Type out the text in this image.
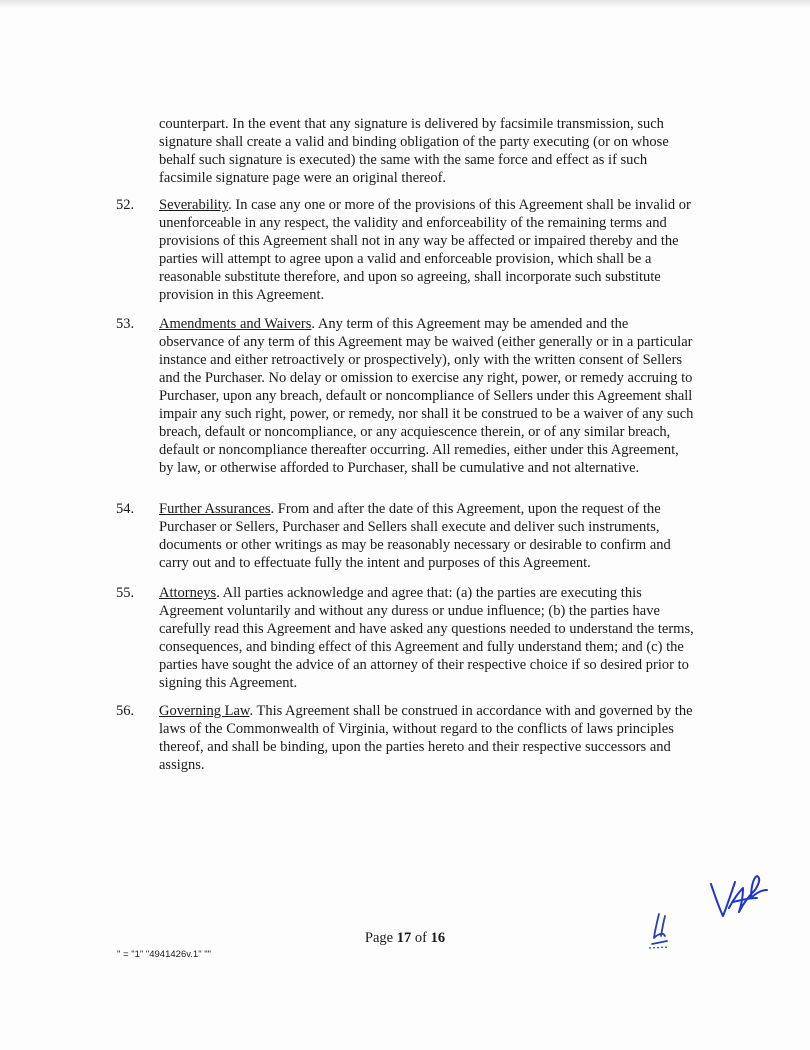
counterpart. In the event that any signature is delivered by facsimile transmission, such signature shall create a valid and binding obligation of the party executing (or on whose behalf such signature is executed) the same with the same force and effect as if such facsimile signature page were an original thereof.
52.	Severability. In case any one or more of the provisions of this Agreement shall be invalid or unenforceable in any respect, the validity and enforceability of the remaining terms and provisions of this Agreement shall not in any way be affected or impaired thereby and the parties will attempt to agree upon a valid and enforceable provision, which shall be a reasonable substitute therefore, and upon so agreeing, shall incorporate such substitute provision in this Agreement.
53.	Amendments and Waivers. Any term of this Agreement may be amended and the observance of any term of this Agreement may be waived (either generally or in a particular instance and either retroactively or prospectively), only with the written consent of Sellers and the Purchaser. No delay or omission to exercise any right, power, or remedy accruing to Purchaser, upon any breach, default or noncompliance of Sellers under this Agreement shall impair any such right, power, or remedy, nor shall it be construed to be a waiver of any such breach, default or noncompliance, or any acquiescence therein, or of any similar breach, default or noncompliance thereafter occurring. All remedies, either under this Agreement, by law, or otherwise afforded to Purchaser, shall be cumulative and not alternative.
54.	Further Assurances. From and after the date of this Agreement, upon the request of the Purchaser or Sellers, Purchaser and Sellers shall execute and deliver such instruments, documents or other writings as may be reasonably necessary or desirable to confirm and carry out and to effectuate fully the intent and purposes of this Agreement.
55.	Attorneys. All parties acknowledge and agree that: (a) the parties are executing this Agreement voluntarily and without any duress or undue influence; (b) the parties have carefully read this Agreement and have asked any questions needed to understand the terms, consequences, and binding effect of this Agreement and fully understand them; and (c) the parties have sought the advice of an attorney of their respective choice if so desired prior to signing this Agreement.
56.	Governing Law. This Agreement shall be construed in accordance with and governed by the laws of the Commonwealth of Virginia, without regard to the conflicts of laws principles thereof, and shall be binding, upon the parties hereto and their respective successors and assigns.
Page 17 of 16
" = "1" "4941426v.1" ""
